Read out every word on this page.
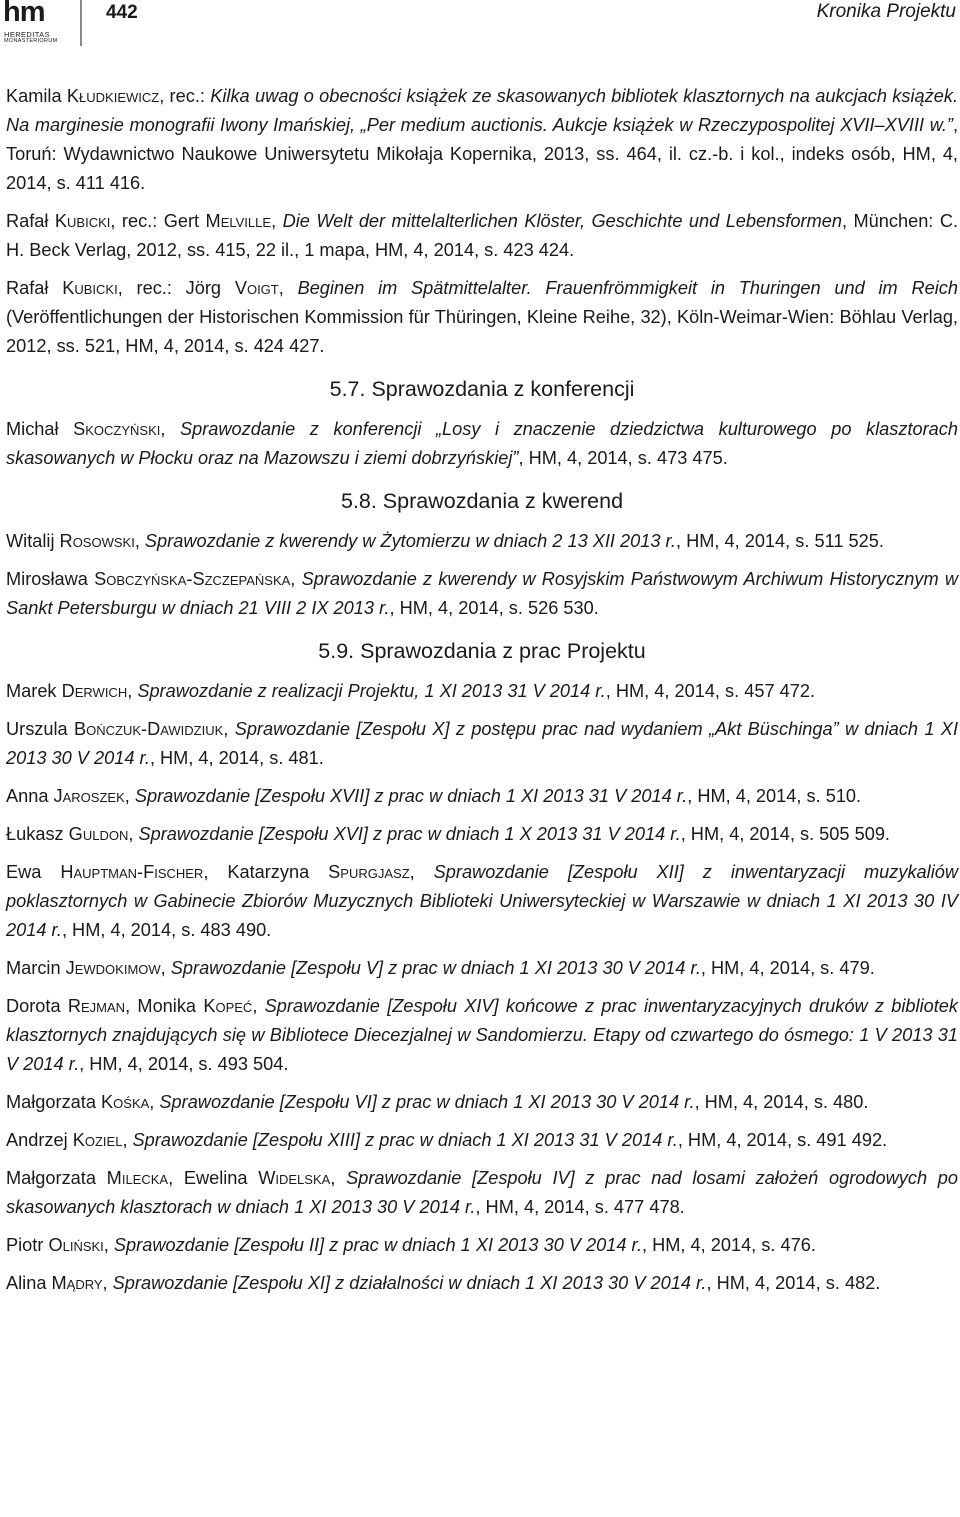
hm
HEREDITAS
MONASTERIORUM
442	Kronika Projektu

Kamila Kłudkiewicz, rec.: Kilka uwag o obecności książek ze skasowanych bibliotek klasztornych na aukcjach książek. Na marginesie monografii Iwony Imańskiej, „Per medium auctionis. Aukcje książek w Rzeczypospolitej XVII–XVIII w.”, Toruń: Wydawnictwo Naukowe Uniwersytetu Mikołaja Kopernika, 2013, ss. 464, il. cz.-b. i kol., indeks osób, HM, 4, 2014, s. 411 416.

Rafał Kubicki, rec.: Gert Melville, Die Welt der mittelalterlichen Klöster, Geschichte und Lebensformen, München: C. H. Beck Verlag, 2012, ss. 415, 22 il., 1 mapa, HM, 4, 2014, s. 423 424.

Rafał Kubicki, rec.: Jörg Voigt, Beginen im Spätmittelalter. Frauenfrömmigkeit in Thuringen und im Reich (Veröffentlichungen der Historischen Kommission für Thüringen, Kleine Reihe, 32), Köln-Weimar-Wien: Böhlau Verlag, 2012, ss. 521, HM, 4, 2014, s. 424 427.

5.7. Sprawozdania z konferencji

Michał Skoczyński, Sprawozdanie z konferencji „Losy i znaczenie dziedzictwa kulturowego po klasztorach skasowanych w Płocku oraz na Mazowszu i ziemi dobrzyńskiej”, HM, 4, 2014, s. 473 475.

5.8. Sprawozdania z kwerend

Witalij Rosowski, Sprawozdanie z kwerendy w Żytomierzu w dniach 2 13 XII 2013 r., HM, 4, 2014, s. 511 525.

Mirosława Sobczyńska-Szczepańska, Sprawozdanie z kwerendy w Rosyjskim Państwowym Archiwum Historycznym w Sankt Petersburgu w dniach 21 VIII 2 IX 2013 r., HM, 4, 2014, s. 526 530.

5.9. Sprawozdania z prac Projektu

Marek Derwich, Sprawozdanie z realizacji Projektu, 1 XI 2013 31 V 2014 r., HM, 4, 2014, s. 457 472.

Urszula Bończuk-Dawidziuk, Sprawozdanie [Zespołu X] z postępu prac nad wydaniem „Akt Büschinga” w dniach 1 XI 2013 30 V 2014 r., HM, 4, 2014, s. 481.

Anna Jaroszek, Sprawozdanie [Zespołu XVII] z prac w dniach 1 XI 2013 31 V 2014 r., HM, 4, 2014, s. 510.

Łukasz Guldon, Sprawozdanie [Zespołu XVI] z prac w dniach 1 X 2013 31 V 2014 r., HM, 4, 2014, s. 505 509.

Ewa Hauptman-Fischer, Katarzyna Spurgjasz, Sprawozdanie [Zespołu XII] z inwentaryzacji muzykaliów poklasztornych w Gabinecie Zbiorów Muzycznych Biblioteki Uniwersyteckiej w Warszawie w dniach 1 XI 2013 30 IV 2014 r., HM, 4, 2014, s. 483 490.

Marcin Jewdokimow, Sprawozdanie [Zespołu V] z prac w dniach 1 XI 2013 30 V 2014 r., HM, 4, 2014, s. 479.

Dorota Rejman, Monika Kopeć, Sprawozdanie [Zespołu XIV] końcowe z prac inwentaryzacyjnych druków z bibliotek klasztornych znajdujących się w Bibliotece Diecezjalnej w Sandomierzu. Etapy od czwartego do ósmego: 1 V 2013 31 V 2014 r., HM, 4, 2014, s. 493 504.

Małgorzata Kośka, Sprawozdanie [Zespołu VI] z prac w dniach 1 XI 2013 30 V 2014 r., HM, 4, 2014, s. 480.

Andrzej Koziel, Sprawozdanie [Zespołu XIII] z prac w dniach 1 XI 2013 31 V 2014 r., HM, 4, 2014, s. 491 492.

Małgorzata Milecka, Ewelina Widelska, Sprawozdanie [Zespołu IV] z prac nad losami założeń ogrodowych po skasowanych klasztorach w dniach 1 XI 2013 30 V 2014 r., HM, 4, 2014, s. 477 478.

Piotr Oliński, Sprawozdanie [Zespołu II] z prac w dniach 1 XI 2013 30 V 2014 r., HM, 4, 2014, s. 476.

Alina Mądry, Sprawozdanie [Zespołu XI] z działalności w dniach 1 XI 2013 30 V 2014 r., HM, 4, 2014, s. 482.
